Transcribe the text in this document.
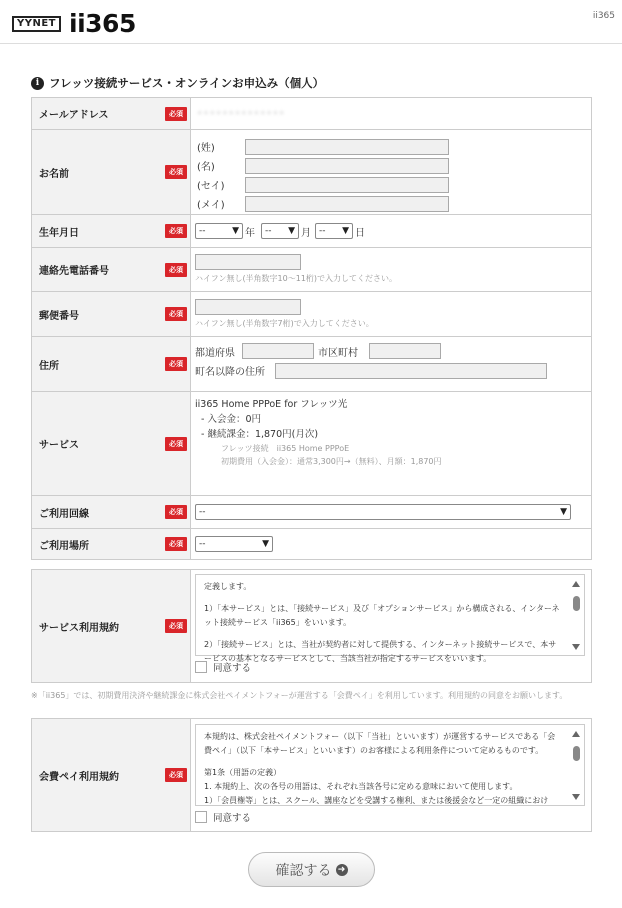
YYNET ii365	ii365
i フレッツ接続サービス・オンラインお申込み（個人）
メールアドレス	必須	••••••••••••••
お名前	必須
(姓)
(名)
(セイ)
(メイ)
生年月日	必須	--	▼ 年 -- ▼ 月 -- ▼ 日
連絡先電話番号	必須
ハイフン無し(半角数字10～11桁)で入力してください。
郵便番号	必須
ハイフン無し(半角数字7桁)で入力してください。
住所	必須
都道府県	市区町村
町名以降の住所
サービス	必須
ii365 Home PPPoE for フレッツ光
- 入会金：0円
- 継続課金：1,870円(月次)
フレッツ接続　ii365 Home PPPoE
初期費用（入会金）：通常3,300円→（無料）、月額：1,870円
ご利用回線	必須	--	▼
ご利用場所	必須	--	▼
サービス利用規約	必須
定義します。
1）「本サービス」とは、「接続サービス」及び「オプションサービス」から構成される、インターネット接続サービス「ii365」をいいます。
2）「接続サービス」とは、当社が契約者に対して提供する、インターネット接続サービスで、本サービスの基本となるサービスとして、当該当社が指定するサービスをいいます。
同意する
※「ii365」では、初期費用決済や継続課金に株式会社ペイメントフォーが運営する「会費ペイ」を利用しています。利用規約の同意をお願いします。
会費ペイ利用規約	必須
本規約は、株式会社ペイメントフォー（以下「当社」といいます）が運営するサービスである「会費ペイ」（以下「本サービス」といいます）のお客様による利用条件について定めるものです。
第1条（用語の定義）
1. 本規約上、次の各号の用語は、それぞれ当該各号に定める意味において使用します。
1）「会員権等」とは、スクール、講座などを受講する権利、または後援会など一定の組織におけ
同意する
確認する ➜
